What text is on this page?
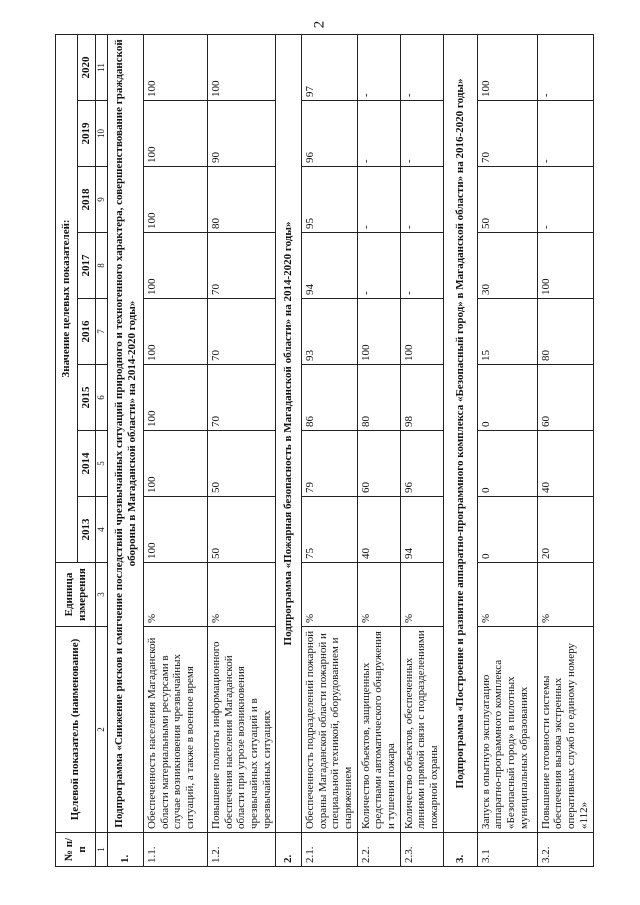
2
№ п/п	Целевой показатель (наименование)	Единица измерения	Значение целевых показателей:							
			2013	2014	2015	2016	2017	2018	2019	2020
1	2	3	4	5	6	7	8	9	10	11
1.	Подпрограмма «Снижение рисков и смягчение последствий чрезвычайных ситуаций природного и техногенного характера, совершенствование гражданской обороны в Магаданской области» на 2014-2020 годы»									
1.1.	Обеспеченность населения Магаданской области материальными ресурсами в случае возникновения чрезвычайных ситуаций, а также в военное время	%	100	100	100	100	100	100	100	100
1.2.	Повышение полноты информационного обеспечения населения Магаданской области при угрозе возникновения чрезвычайных ситуаций и в чрезвычайных ситуациях	%	50	50	70	70	70	80	90	100
2.	Подпрограмма «Пожарная безопасность в Магаданской области» на 2014-2020 годы»									
2.1.	Обеспеченность подразделений пожарной охраны Магаданской области пожарной и специальной техникой, оборудованием и снаряжением	%	75	79	86	93	94	95	96	97
2.2.	Количество объектов, защищенных средствами автоматического обнаружения и тушения пожара	%	40	60	80	100	-	-	-	-
2.3.	Количество объектов, обеспеченных линиями прямой связи с подразделениями пожарной охраны	%	94	96	98	100	-	-	-	-
3.	Подпрограмма «Построение и развитие аппаратно-программного комплекса «Безопасный город» в Магаданской области» на 2016-2020 годы»									
3.1	Запуск в опытную эксплуатацию аппаратно-программного комплекса «Безопасный город» в пилотных муниципальных образованиях	%	0	0	0	15	30	50	70	100
3.2.	Повышение готовности системы обеспечения вызова экстренных оперативных служб по единому номеру «112»	%	20	40	60	80	100	-	-	-
